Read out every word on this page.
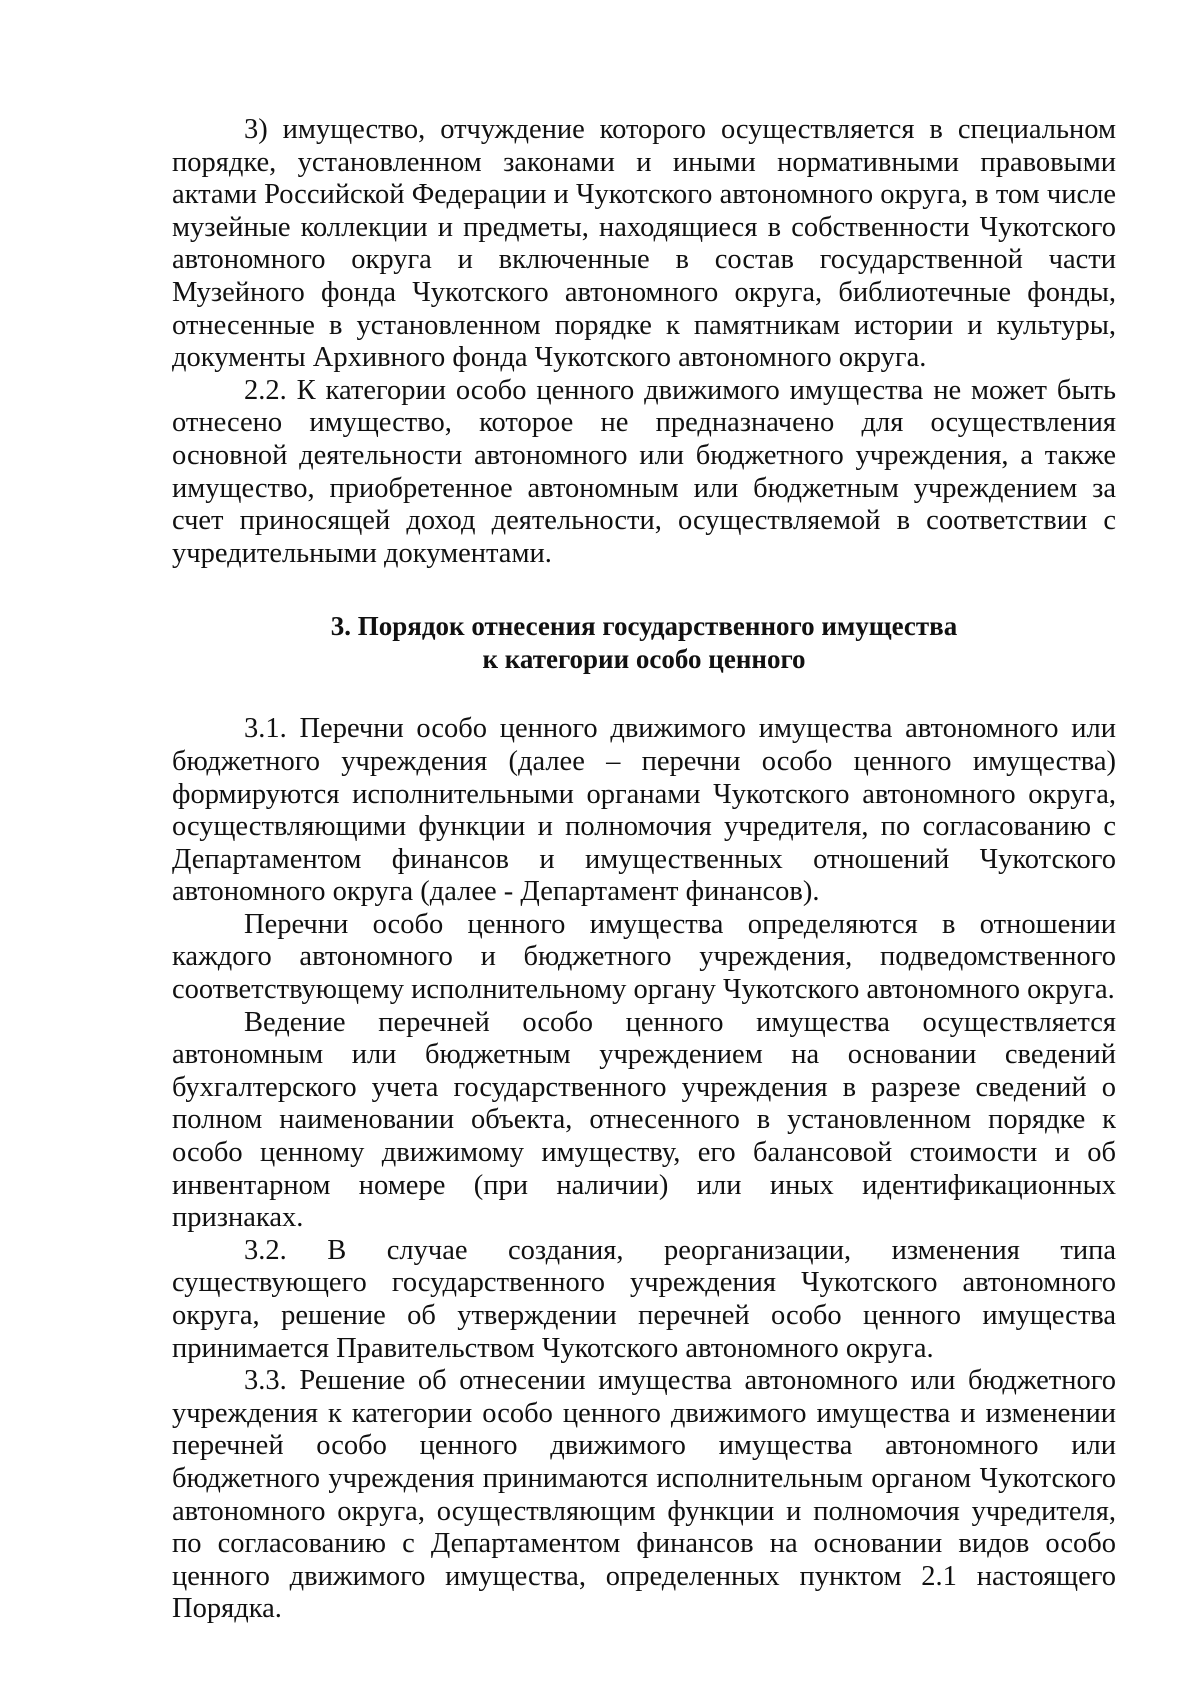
3) имущество, отчуждение которого осуществляется в специальном порядке, установленном законами и иными нормативными правовыми актами Российской Федерации и Чукотского автономного округа, в том числе музейные коллекции и предметы, находящиеся в собственности Чукотского автономного округа и включенные в состав государственной части Музейного фонда Чукотского автономного округа, библиотечные фонды, отнесенные в установленном порядке к памятникам истории и культуры, документы Архивного фонда Чукотского автономного округа.

2.2. К категории особо ценного движимого имущества не может быть отнесено имущество, которое не предназначено для осуществления основной деятельности автономного или бюджетного учреждения, а также имущество, приобретенное автономным или бюджетным учреждением за счет приносящей доход деятельности, осуществляемой в соответствии с учредительными документами.

3. Порядок отнесения государственного имущества
к категории особо ценного

3.1. Перечни особо ценного движимого имущества автономного или бюджетного учреждения (далее – перечни особо ценного имущества) формируются исполнительными органами Чукотского автономного округа, осуществляющими функции и полномочия учредителя, по согласованию с Департаментом финансов и имущественных отношений Чукотского автономного округа (далее - Департамент финансов).

Перечни особо ценного имущества определяются в отношении каждого автономного и бюджетного учреждения, подведомственного соответствующему исполнительному органу Чукотского автономного округа.

Ведение перечней особо ценного имущества осуществляется автономным или бюджетным учреждением на основании сведений бухгалтерского учета государственного учреждения в разрезе сведений о полном наименовании объекта, отнесенного в установленном порядке к особо ценному движимому имуществу, его балансовой стоимости и об инвентарном номере (при наличии) или иных идентификационных признаках.

3.2. В случае создания, реорганизации, изменения типа существующего государственного учреждения Чукотского автономного округа, решение об утверждении перечней особо ценного имущества принимается Правительством Чукотского автономного округа.

3.3. Решение об отнесении имущества автономного или бюджетного учреждения к категории особо ценного движимого имущества и изменении перечней особо ценного движимого имущества автономного или бюджетного учреждения принимаются исполнительным органом Чукотского автономного округа, осуществляющим функции и полномочия учредителя, по согласованию с Департаментом финансов на основании видов особо ценного движимого имущества, определенных пунктом 2.1 настоящего Порядка.
